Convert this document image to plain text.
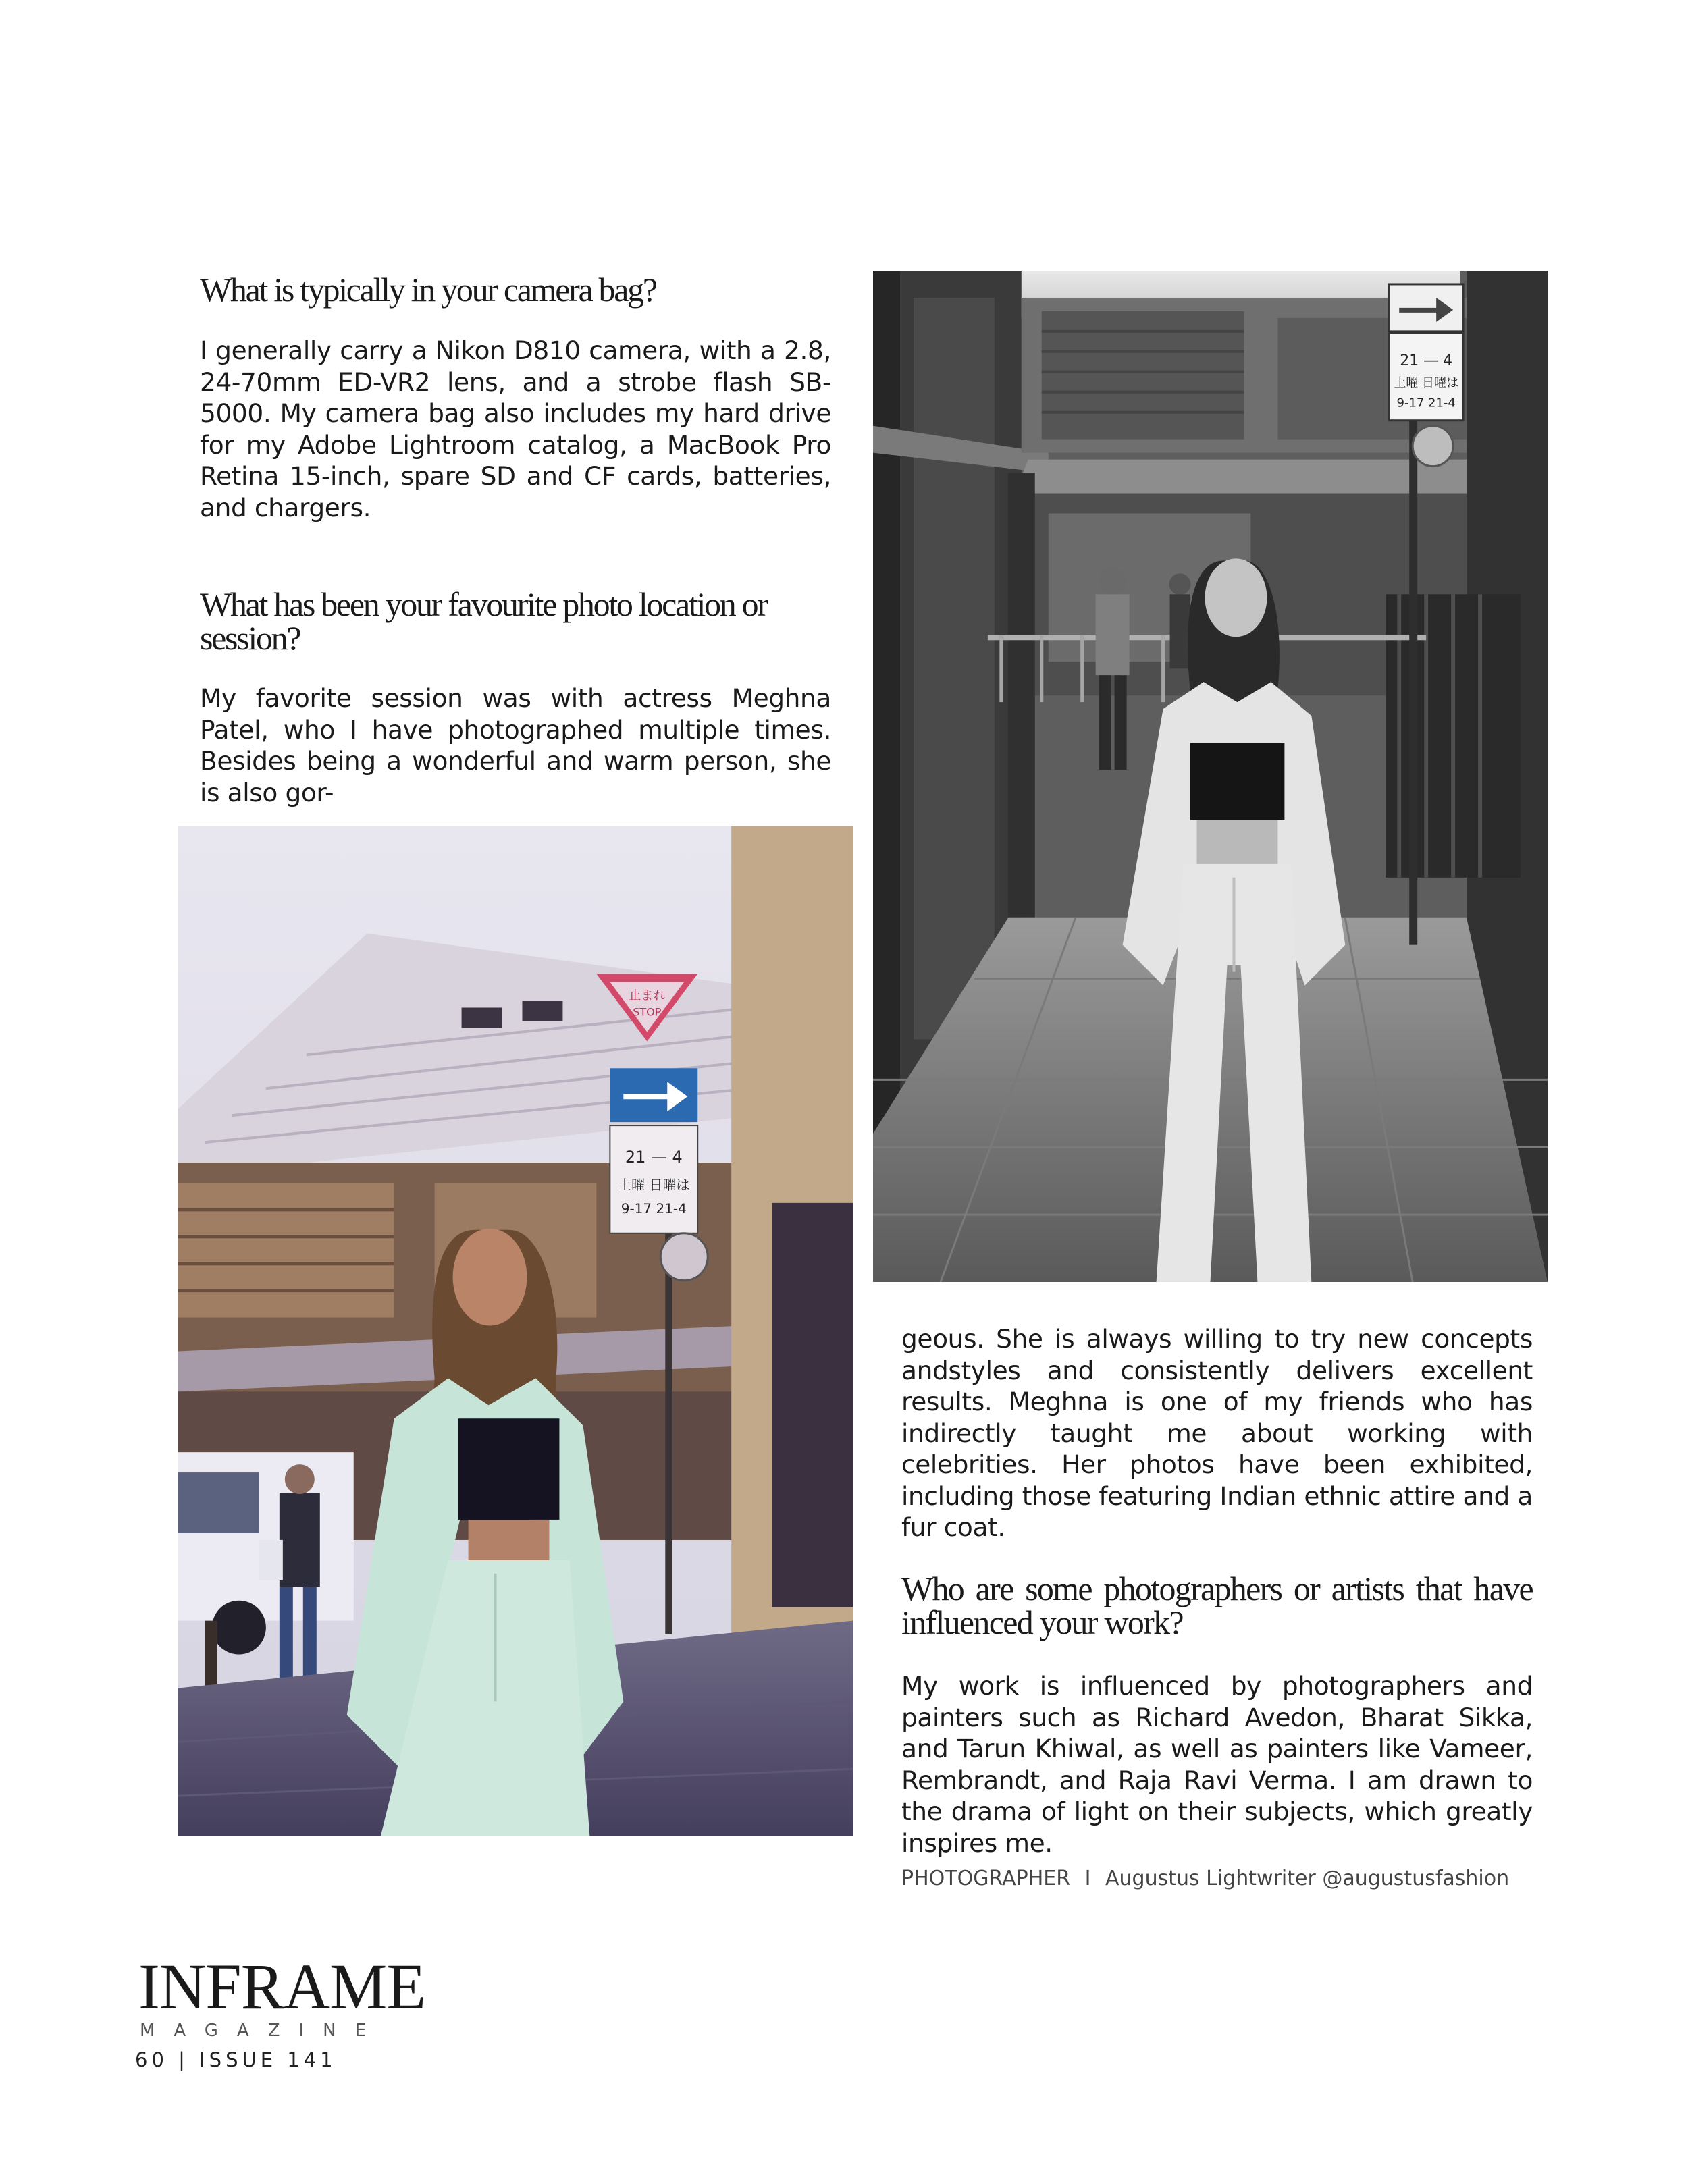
What is typically in your camera bag?

I generally carry a Nikon D810 camera, with a 2.8, 24-70mm ED-VR2 lens, and a strobe flash SB-5000. My camera bag also includes my hard drive for my Adobe Lightroom catalog, a MacBook Pro Retina 15-inch, spare SD and CF cards, batteries, and chargers.

What has been your favourite photo location or session?

My favorite session was with actress Meghna Patel, who I have photographed multiple times. Besides being a wonderful and warm person, she is also gor-

21 — 4
土曜 日曜は
9-17 21-4
止まれ
STOP
21 — 4
土曜 日曜は
9-17 21-4

geous. She is always willing to try new concepts andstyles and consistently delivers excellent results. Meghna is one of my friends who has indirectly taught me about working with celebrities. Her photos have been exhibited, including those featuring Indian ethnic attire and a fur coat.

Who are some photographers or artists that have influenced your work?

My work is influenced by photographers and painters such as Richard Avedon, Bharat Sikka, and Tarun Khiwal, as well as painters like Vameer, Rembrandt, and Raja Ravi Verma. I am drawn to the drama of light on their subjects, which greatly inspires me.

PHOTOGRAPHER I Augustus Lightwriter @augustusfashion
INFRAME
MAGAZINE
60 | ISSUE 141
